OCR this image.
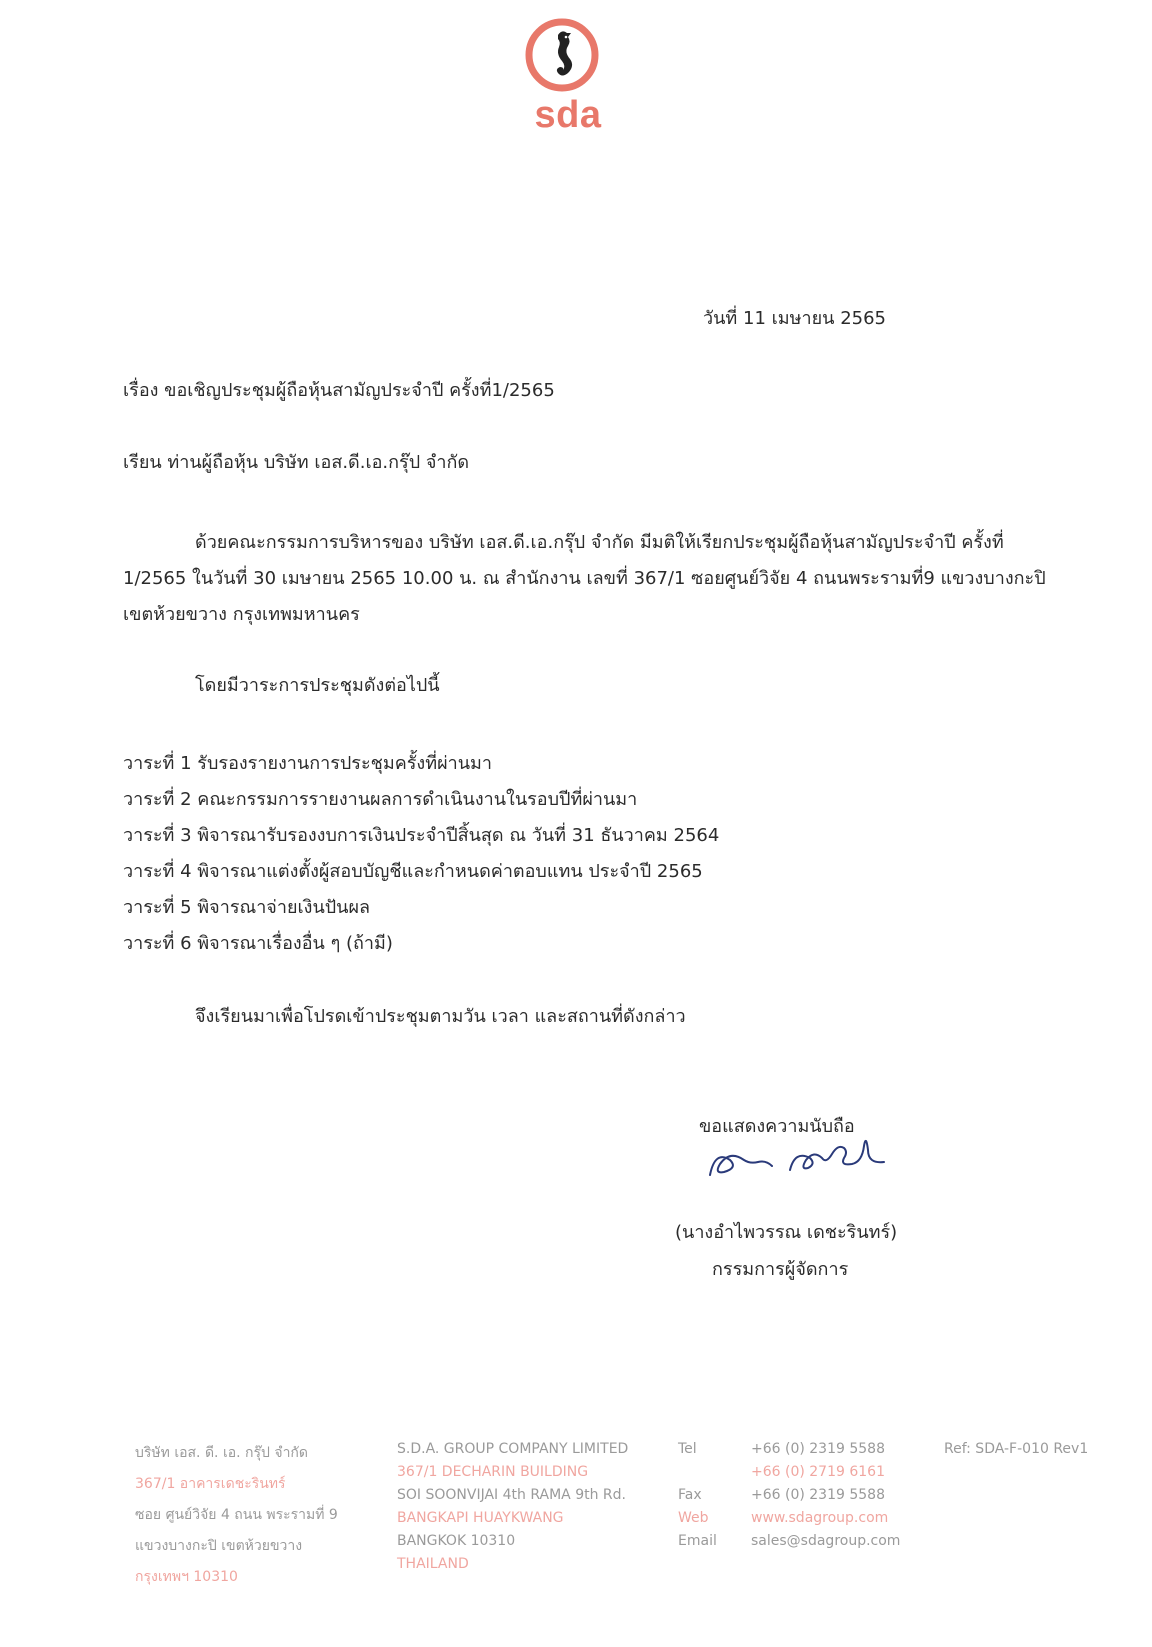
sda
วันที่ 11 เมษายน 2565
เรื่อง ขอเชิญประชุมผู้ถือหุ้นสามัญประจำปี ครั้งที่1/2565
เรียน ท่านผู้ถือหุ้น บริษัท เอส.ดี.เอ.กรุ๊ป จำกัด
ด้วยคณะกรรมการบริหารของ บริษัท เอส.ดี.เอ.กรุ๊ป จำกัด มีมติให้เรียกประชุมผู้ถือหุ้นสามัญประจำปี ครั้งที่
1/2565 ในวันที่ 30 เมษายน 2565 10.00 น. ณ สำนักงาน เลขที่ 367/1 ซอยศูนย์วิจัย 4 ถนนพระรามที่9 แขวงบางกะปิ
เขตห้วยขวาง กรุงเทพมหานคร
โดยมีวาระการประชุมดังต่อไปนี้
วาระที่ 1 รับรองรายงานการประชุมครั้งที่ผ่านมา
วาระที่ 2 คณะกรรมการรายงานผลการดำเนินงานในรอบปีที่ผ่านมา
วาระที่ 3 พิจารณารับรองงบการเงินประจำปีสิ้นสุด ณ วันที่ 31 ธันวาคม 2564
วาระที่ 4 พิจารณาแต่งตั้งผู้สอบบัญชีและกำหนดค่าตอบแทน ประจำปี 2565
วาระที่ 5 พิจารณาจ่ายเงินปันผล
วาระที่ 6 พิจารณาเรื่องอื่น ๆ (ถ้ามี)
จึงเรียนมาเพื่อโปรดเข้าประชุมตามวัน เวลา และสถานที่ดังกล่าว
ขอแสดงความนับถือ
(นางอำไพวรรณ เดชะรินทร์)
กรรมการผู้จัดการ
บริษัท เอส. ดี. เอ. กรุ๊ป จำกัด
367/1 อาคารเดชะรินทร์
ซอย ศูนย์วิจัย 4 ถนน พระรามที่ 9
แขวงบางกะปิ เขตห้วยขวาง
กรุงเทพฯ 10310
S.D.A. GROUP COMPANY LIMITED
367/1 DECHARIN BUILDING
SOI SOONVIJAI 4th RAMA 9th Rd.
BANGKAPI HUAYKWANG
BANGKOK 10310
THAILAND
Tel
Fax
Web
Email
+66 (0) 2319 5588
+66 (0) 2719 6161
+66 (0) 2319 5588
www.sdagroup.com
sales@sdagroup.com
Ref: SDA-F-010 Rev1
